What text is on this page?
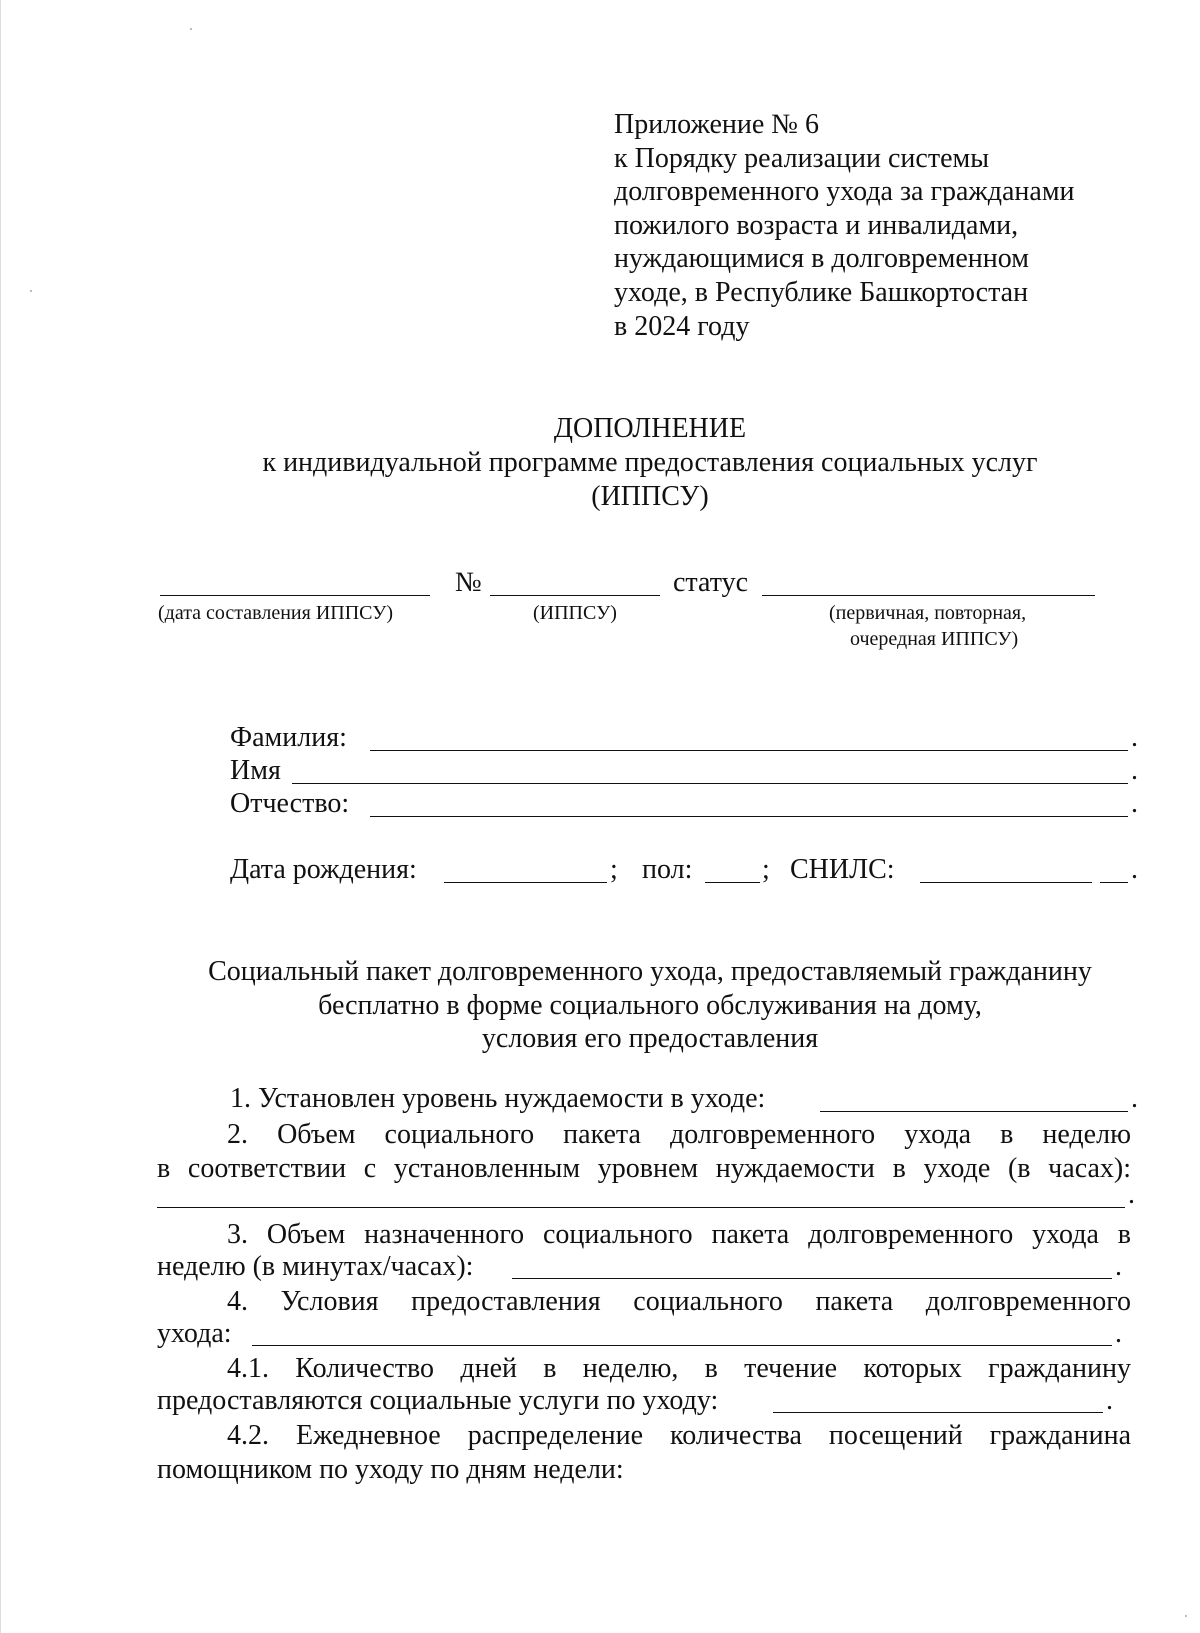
Приложение № 6
к Порядку реализации системы
долговременного ухода за гражданами
пожилого возраста и инвалидами,
нуждающимися в долговременном
уходе, в Республике Башкортостан
в 2024 году
ДОПОЛНЕНИЕ
к индивидуальной программе предоставления социальных услуг
(ИППСУ)
№	статус
(дата составления ИППСУ)	(ИППСУ)	(первичная, повторная,
очередная ИППСУ)
Фамилия:	.
Имя	.
Отчество:	.
Дата рождения:	; пол: ; СНИЛС:	.
Социальный пакет долговременного ухода, предоставляемый гражданину
бесплатно в форме социального обслуживания на дому,
условия его предоставления
1. Установлен уровень нуждаемости в уходе:	.
2. Объем социального пакета долговременного ухода в неделю
в соответствии с установленным уровнем нуждаемости в уходе (в часах):
.
3. Объем назначенного социального пакета долговременного ухода в
неделю (в минутах/часах):	.
4. Условия предоставления социального пакета долговременного
ухода:	.
4.1. Количество дней в неделю, в течение которых гражданину
предоставляются социальные услуги по уходу:	.
4.2. Ежедневное распределение количества посещений гражданина
помощником по уходу по дням недели:
